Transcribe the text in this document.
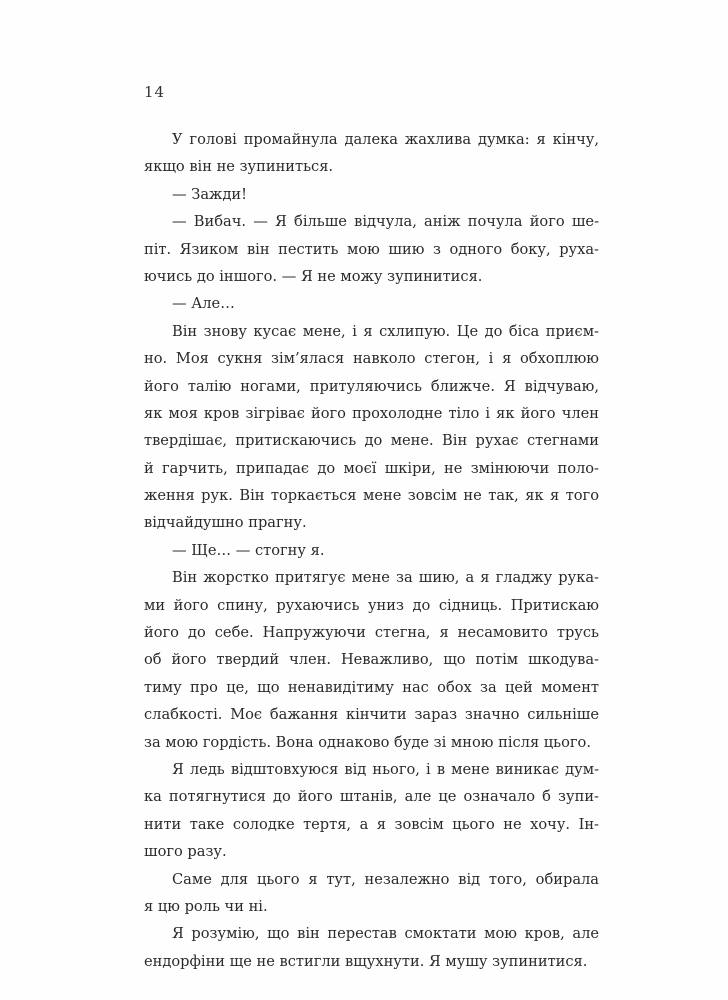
14
У голові промайнула далека жахлива думка: я кінчу,
якщо він не зупиниться.
— Зажди!
— Вибач. — Я більше відчула, аніж почула його ше-
піт. Язиком він пестить мою шию з одного боку, руха-
ючись до іншого. — Я не можу зупинитися.
— Але…
Він знову кусає мене, і я схлипую. Це до біса приєм-
но. Моя сукня зім’ялася навколо стегон, і я обхоплюю
його талію ногами, притуляючись ближче. Я відчуваю,
як моя кров зігріває його прохолодне тіло і як його член
твердішає, притискаючись до мене. Він рухає стегнами
й гарчить, припадає до моєї шкіри, не змінюючи поло-
ження рук. Він торкається мене зовсім не так, як я того
відчайдушно прагну.
— Ще… — стогну я.
Він жорстко притягує мене за шию, а я гладжу рука-
ми його спину, рухаючись униз до сідниць. Притискаю
його до себе. Напружуючи стегна, я несамовито трусь
об його твердий член. Неважливо, що потім шкодува-
тиму про це, що ненавидітиму нас обох за цей момент
слабкості. Моє бажання кінчити зараз значно сильніше
за мою гордість. Вона однаково буде зі мною після цього.
Я ледь відштовхуюся від нього, і в мене виникає дум-
ка потягнутися до його штанів, але це означало б зупи-
нити таке солодке тертя, а я зовсім цього не хочу. Ін-
шого разу.
Саме для цього я тут, незалежно від того, обирала
я цю роль чи ні.
Я розумію, що він перестав смоктати мою кров, але
ендорфіни ще не встигли вщухнути. Я мушу зупинитися.
